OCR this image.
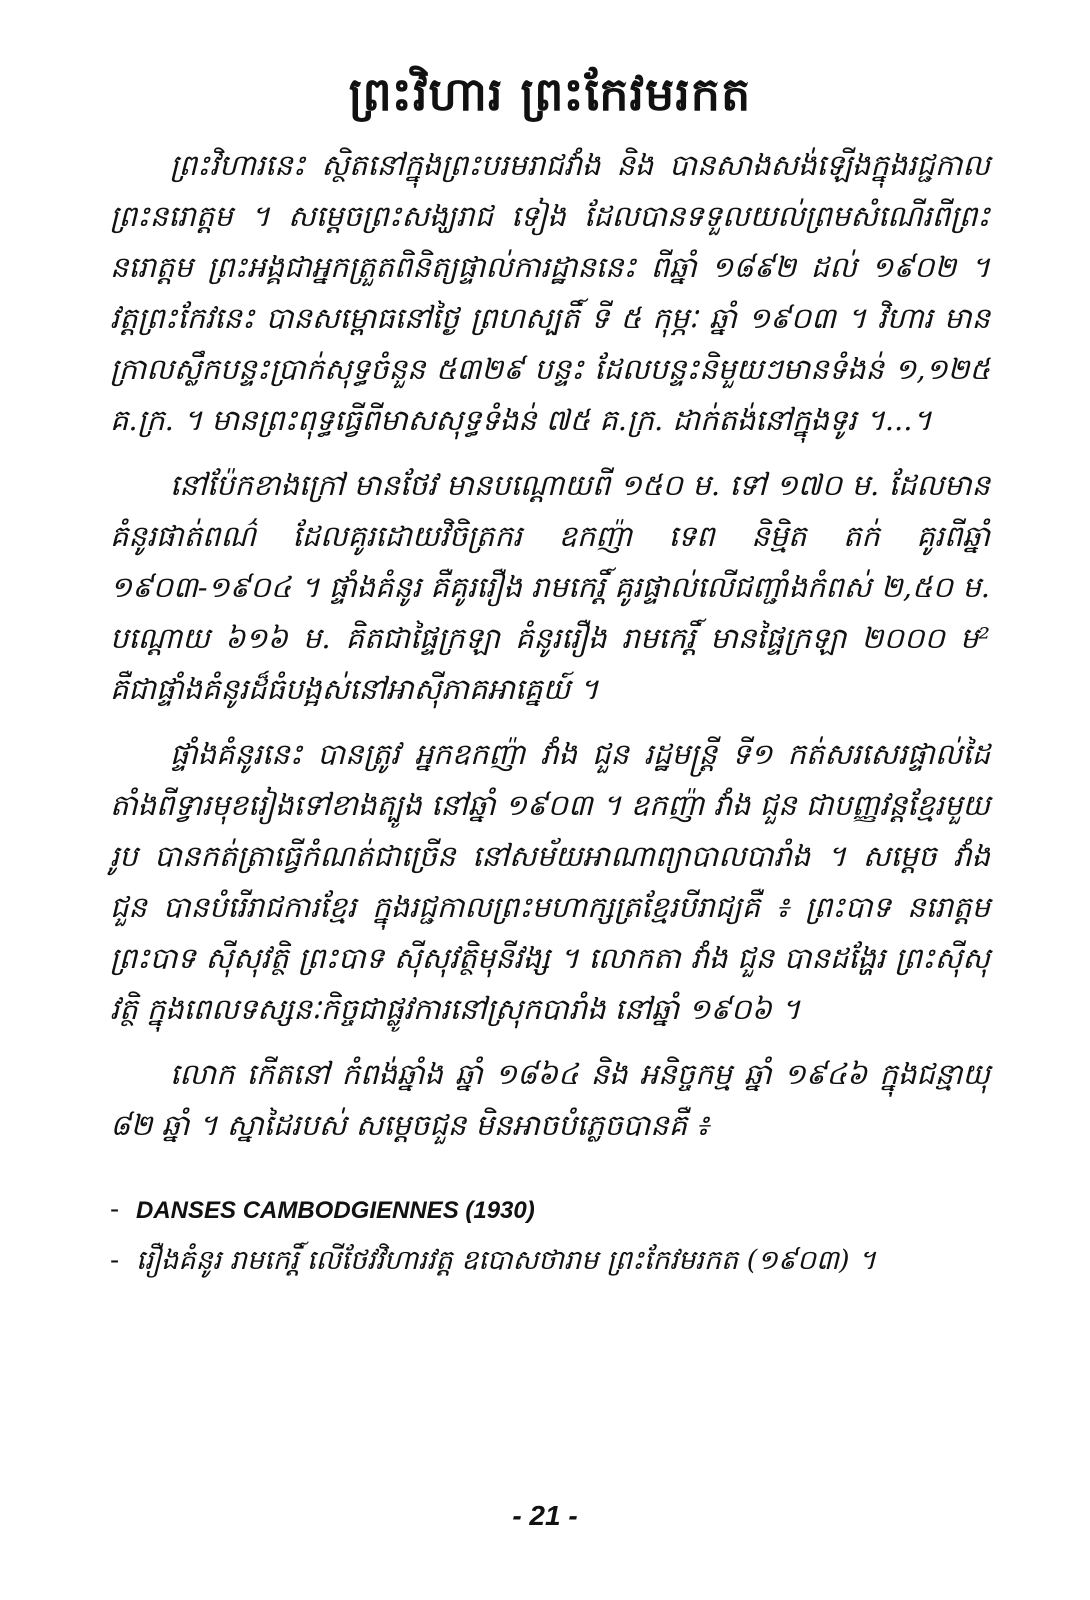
ព្រះវិហារ ព្រះកែវមរកត

ព្រះវិហារនេះ ស្ថិតនៅក្នុងព្រះបរមរាជវាំង និង បានសាងសង់ឡើងក្នុងរជ្ជកាលព្រះនរោត្តម ។ សម្តេចព្រះសង្ឃរាជ ទៀង ដែលបានទទួលយល់ព្រមសំណើរពីព្រះនរោត្តម ព្រះអង្គជាអ្នកត្រួតពិនិត្យផ្ទាល់ការដ្ឋាននេះ ពីឆ្នាំ ១៨៩២ ដល់ ១៩០២ ។ វត្តព្រះកែវនេះ បានសម្ពោធនៅថ្ងៃ ព្រហស្បតិ៍ ទី ៥ កុម្ភៈ ឆ្នាំ ១៩០៣ ។ វិហារ មានក្រាលស្លឹកបន្ទះប្រាក់សុទ្ធចំនួន ៥៣២៩ បន្ទះ ដែលបន្ទះនិមួយៗមានទំងន់ ១,១២៥ គ.ក្រ. ។ មានព្រះពុទ្ធធ្វើពីមាសសុទ្ធទំងន់ ៧៥ គ.ក្រ. ដាក់តង់នៅក្នុងទូរ ។...។

នៅប៉ែកខាងក្រៅ មានថែវ មានបណ្តោយពី ១៥០ ម. ទៅ ១៧០ ម. ដែលមានគំនូរផាត់ពណ៌ ដែលគូរដោយវិចិត្រករ ឧកញ៉ា ទេព និម្មិត តក់ គូរពីឆ្នាំ ១៩០៣-១៩០៤ ។ ផ្ទាំងគំនូរ គឺគូររឿង រាមកេរ្តិ៍ គូរផ្ទាល់លើជញ្ជាំងកំពស់ ២,៥០ ម. បណ្តោយ ៦១៦ ម. គិតជាផ្ទៃក្រឡា គំនូររឿង រាមកេរ្តិ៍ មានផ្ទៃក្រឡា ២០០០ ម² គឺជាផ្ទាំងគំនូរដ៏ធំបង្អស់នៅអាស៊ីភាគអាគ្នេយ៍ ។

ផ្ទាំងគំនូរនេះ បានត្រូវ អ្នកឧកញ៉ា វាំង ជួន រដ្ឋមន្ត្រី ទី១ កត់សរសេរផ្ទាល់ដៃ តាំងពីទ្វារមុខរៀងទៅខាងត្បូង នៅឆ្នាំ ១៩០៣ ។ ឧកញ៉ា វាំង ជួន ជាបញ្ញវន្តខ្មែរមួយរូប បានកត់ត្រាធ្វើកំណត់ជាច្រើន នៅសម័យអាណាព្យាបាលបារាំង ។ សម្តេច វាំង ជួន បានបំរើរាជការខ្មែរ ក្នុងរជ្ជកាលព្រះមហាក្សត្រខ្មែរបីរាជ្យគឺ ៖ ព្រះបាទ នរោត្តម ព្រះបាទ ស៊ីសុវត្ថិ ព្រះបាទ ស៊ីសុវត្ថិមុនីវង្ស ។ លោកតា វាំង ជួន បានដង្ហែរ ព្រះស៊ីសុវត្ថិ ក្នុងពេលទស្សនៈកិច្ចជាផ្លូវការនៅស្រុកបារាំង នៅឆ្នាំ ១៩០៦ ។

លោក កើតនៅ កំពង់ឆ្នាំង ឆ្នាំ ១៨៦៤ និង អនិច្ចកម្ម ឆ្នាំ ១៩៤៦ ក្នុងជន្មាយុ ៨២ ឆ្នាំ ។ ស្នាដៃរបស់ សម្តេចជួន មិនអាចបំភ្លេចបានគឺ ៖

- DANSES CAMBODGIENNES (1930)
- រឿងគំនូរ រាមកេរ្តិ៍ លើថែវវិហារវត្ត ឧបោសថារាម ព្រះកែវមរកត (១៩០៣) ។
- 21 -
